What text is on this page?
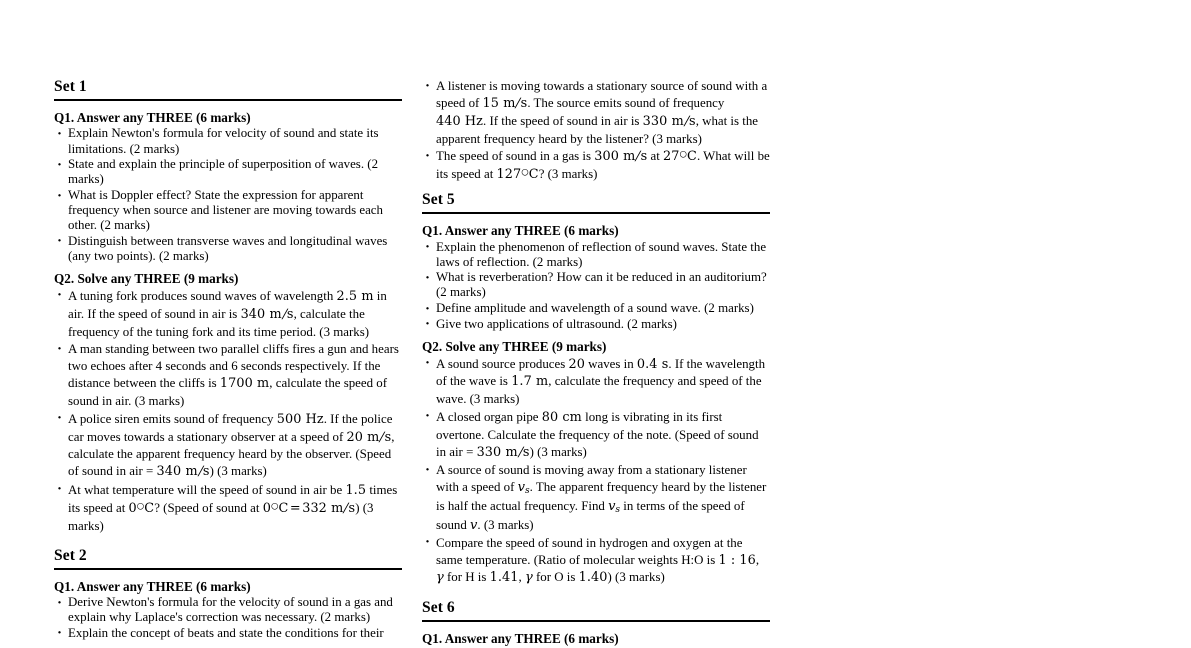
Set 1
Q1. Answer any THREE (6 marks)
· Explain Newton's formula for velocity of sound and state its limitations. (2 marks)
· State and explain the principle of superposition of waves. (2 marks)
· What is Doppler effect? State the expression for apparent frequency when source and listener are moving towards each other. (2 marks)
· Distinguish between transverse waves and longitudinal waves (any two points). (2 marks)
Q2. Solve any THREE (9 marks)
· A tuning fork produces sound waves of wavelength 2.5 m in air. If the speed of sound in air is 340 m/s, calculate the frequency of the tuning fork and its time period. (3 marks)
· A man standing between two parallel cliffs fires a gun and hears two echoes after 4 seconds and 6 seconds respectively. If the distance between the cliffs is 1700 m, calculate the speed of sound in air. (3 marks)
· A police siren emits sound of frequency 500 Hz. If the police car moves towards a stationary observer at a speed of 20 m/s, calculate the apparent frequency heard by the observer. (Speed of sound in air = 340 m/s) (3 marks)
· At what temperature will the speed of sound in air be 1.5 times its speed at 0○C? (Speed of sound at 0○C = 332 m/s) (3 marks)
Set 2
Q1. Answer any THREE (6 marks)
· Derive Newton's formula for the velocity of sound in a gas and explain why Laplace's correction was necessary. (2 marks)
· Explain the concept of beats and state the conditions for their
· A listener is moving towards a stationary source of sound with a speed of 15 m/s. The source emits sound of frequency 440 Hz. If the speed of sound in air is 330 m/s, what is the apparent frequency heard by the listener? (3 marks)
· The speed of sound in a gas is 300 m/s at 27○C. What will be its speed at 127○C? (3 marks)
Set 5
Q1. Answer any THREE (6 marks)
· Explain the phenomenon of reflection of sound waves. State the laws of reflection. (2 marks)
· What is reverberation? How can it be reduced in an auditorium? (2 marks)
· Define amplitude and wavelength of a sound wave. (2 marks)
· Give two applications of ultrasound. (2 marks)
Q2. Solve any THREE (9 marks)
· A sound source produces 20 waves in 0.4 s. If the wavelength of the wave is 1.7 m, calculate the frequency and speed of the wave. (3 marks)
· A closed organ pipe 80 cm long is vibrating in its first overtone. Calculate the frequency of the note. (Speed of sound in air = 330 m/s) (3 marks)
· A source of sound is moving away from a stationary listener with a speed of vs. The apparent frequency heard by the listener is half the actual frequency. Find vs in terms of the speed of sound v. (3 marks)
· Compare the speed of sound in hydrogen and oxygen at the same temperature. (Ratio of molecular weights H:O is 1 : 16, γ for H is 1.41, γ for O is 1.40) (3 marks)
Set 6
Q1. Answer any THREE (6 marks)
